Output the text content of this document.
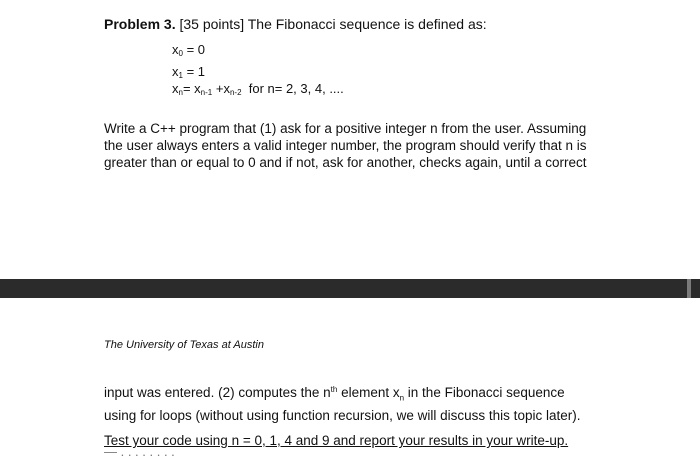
Problem 3. [35 points] The Fibonacci sequence is defined as:
$x_0 = 0$
$x_1 = 1$
$x_n= x_{n-1} +x_{n-2}$  for n= 2, 3, 4, ....
Write a C++ program that (1) ask for a positive integer n from the user. Assuming the user always enters a valid integer number, the program should verify that n is greater than or equal to 0 and if not, ask for another, checks again, until a correct
The University of Texas at Austin
input was entered. (2) computes the $n^{th}$ element $x_n$ in the Fibonacci sequence using for loops (without using function recursion, we will discuss this topic later).
Test your code using n = 0, 1, 4 and 9 and report your results in your write-up.
— . . . . . . . .
